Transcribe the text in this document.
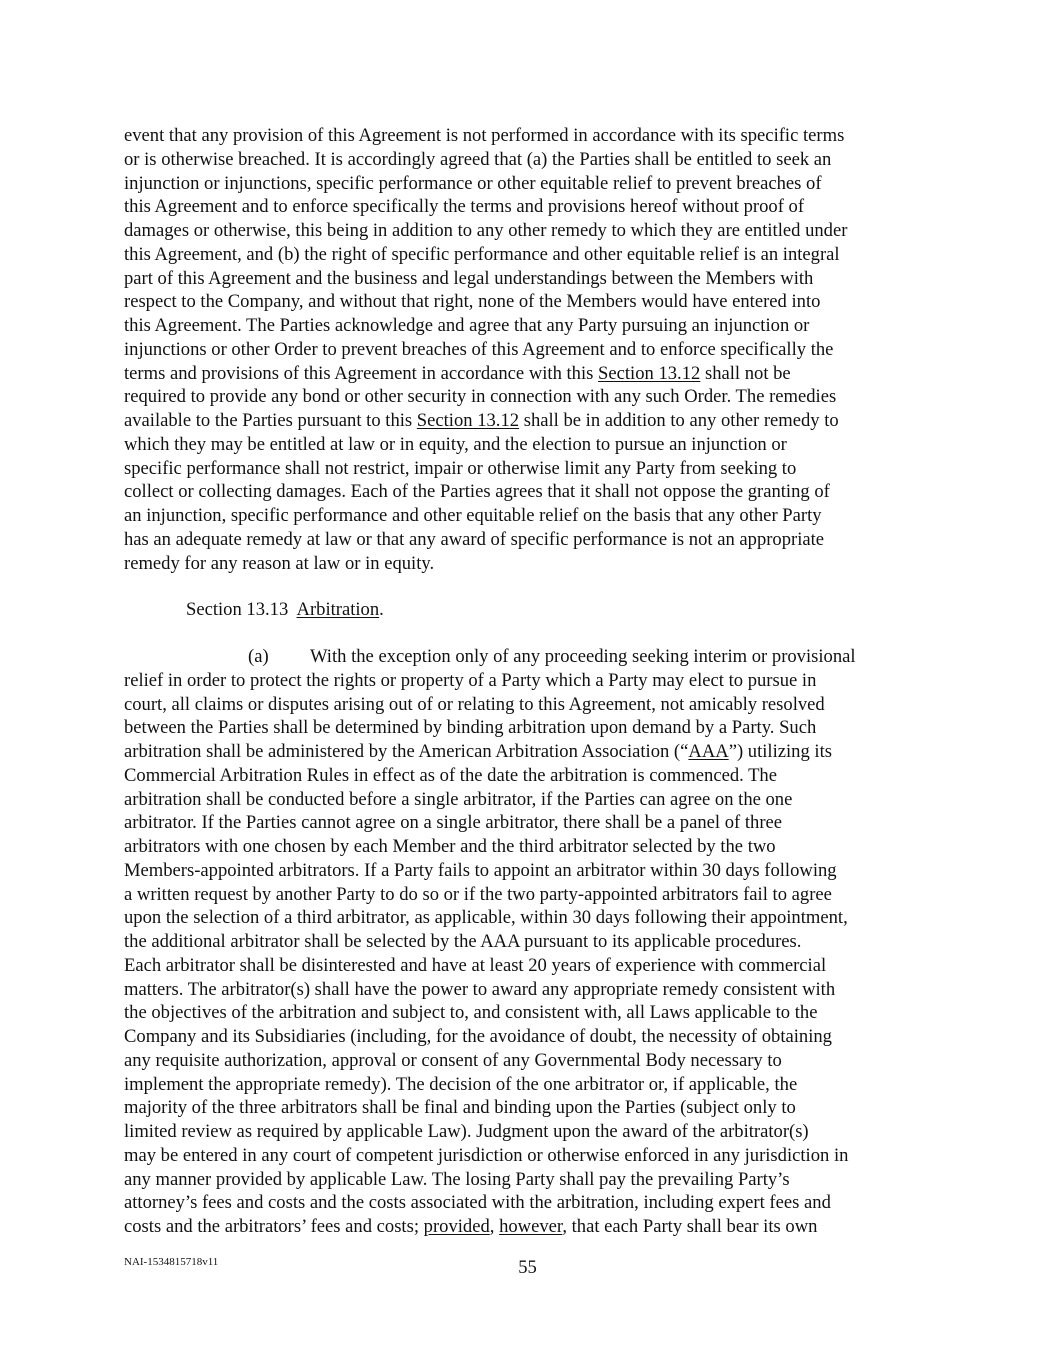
event that any provision of this Agreement is not performed in accordance with its specific terms
or is otherwise breached. It is accordingly agreed that (a) the Parties shall be entitled to seek an
injunction or injunctions, specific performance or other equitable relief to prevent breaches of
this Agreement and to enforce specifically the terms and provisions hereof without proof of
damages or otherwise, this being in addition to any other remedy to which they are entitled under
this Agreement, and (b) the right of specific performance and other equitable relief is an integral
part of this Agreement and the business and legal understandings between the Members with
respect to the Company, and without that right, none of the Members would have entered into
this Agreement. The Parties acknowledge and agree that any Party pursuing an injunction or
injunctions or other Order to prevent breaches of this Agreement and to enforce specifically the
terms and provisions of this Agreement in accordance with this Section 13.12 shall not be
required to provide any bond or other security in connection with any such Order. The remedies
available to the Parties pursuant to this Section 13.12 shall be in addition to any other remedy to
which they may be entitled at law or in equity, and the election to pursue an injunction or
specific performance shall not restrict, impair or otherwise limit any Party from seeking to
collect or collecting damages. Each of the Parties agrees that it shall not oppose the granting of
an injunction, specific performance and other equitable relief on the basis that any other Party
has an adequate remedy at law or that any award of specific performance is not an appropriate
remedy for any reason at law or in equity.
Section 13.13  Arbitration.
(a) With the exception only of any proceeding seeking interim or provisional
relief in order to protect the rights or property of a Party which a Party may elect to pursue in
court, all claims or disputes arising out of or relating to this Agreement, not amicably resolved
between the Parties shall be determined by binding arbitration upon demand by a Party. Such
arbitration shall be administered by the American Arbitration Association (“AAA”) utilizing its
Commercial Arbitration Rules in effect as of the date the arbitration is commenced. The
arbitration shall be conducted before a single arbitrator, if the Parties can agree on the one
arbitrator. If the Parties cannot agree on a single arbitrator, there shall be a panel of three
arbitrators with one chosen by each Member and the third arbitrator selected by the two
Members-appointed arbitrators. If a Party fails to appoint an arbitrator within 30 days following
a written request by another Party to do so or if the two party-appointed arbitrators fail to agree
upon the selection of a third arbitrator, as applicable, within 30 days following their appointment,
the additional arbitrator shall be selected by the AAA pursuant to its applicable procedures.
Each arbitrator shall be disinterested and have at least 20 years of experience with commercial
matters. The arbitrator(s) shall have the power to award any appropriate remedy consistent with
the objectives of the arbitration and subject to, and consistent with, all Laws applicable to the
Company and its Subsidiaries (including, for the avoidance of doubt, the necessity of obtaining
any requisite authorization, approval or consent of any Governmental Body necessary to
implement the appropriate remedy). The decision of the one arbitrator or, if applicable, the
majority of the three arbitrators shall be final and binding upon the Parties (subject only to
limited review as required by applicable Law). Judgment upon the award of the arbitrator(s)
may be entered in any court of competent jurisdiction or otherwise enforced in any jurisdiction in
any manner provided by applicable Law. The losing Party shall pay the prevailing Party’s
attorney’s fees and costs and the costs associated with the arbitration, including expert fees and
costs and the arbitrators’ fees and costs; provided, however, that each Party shall bear its own
NAI-1534815718v11	55
